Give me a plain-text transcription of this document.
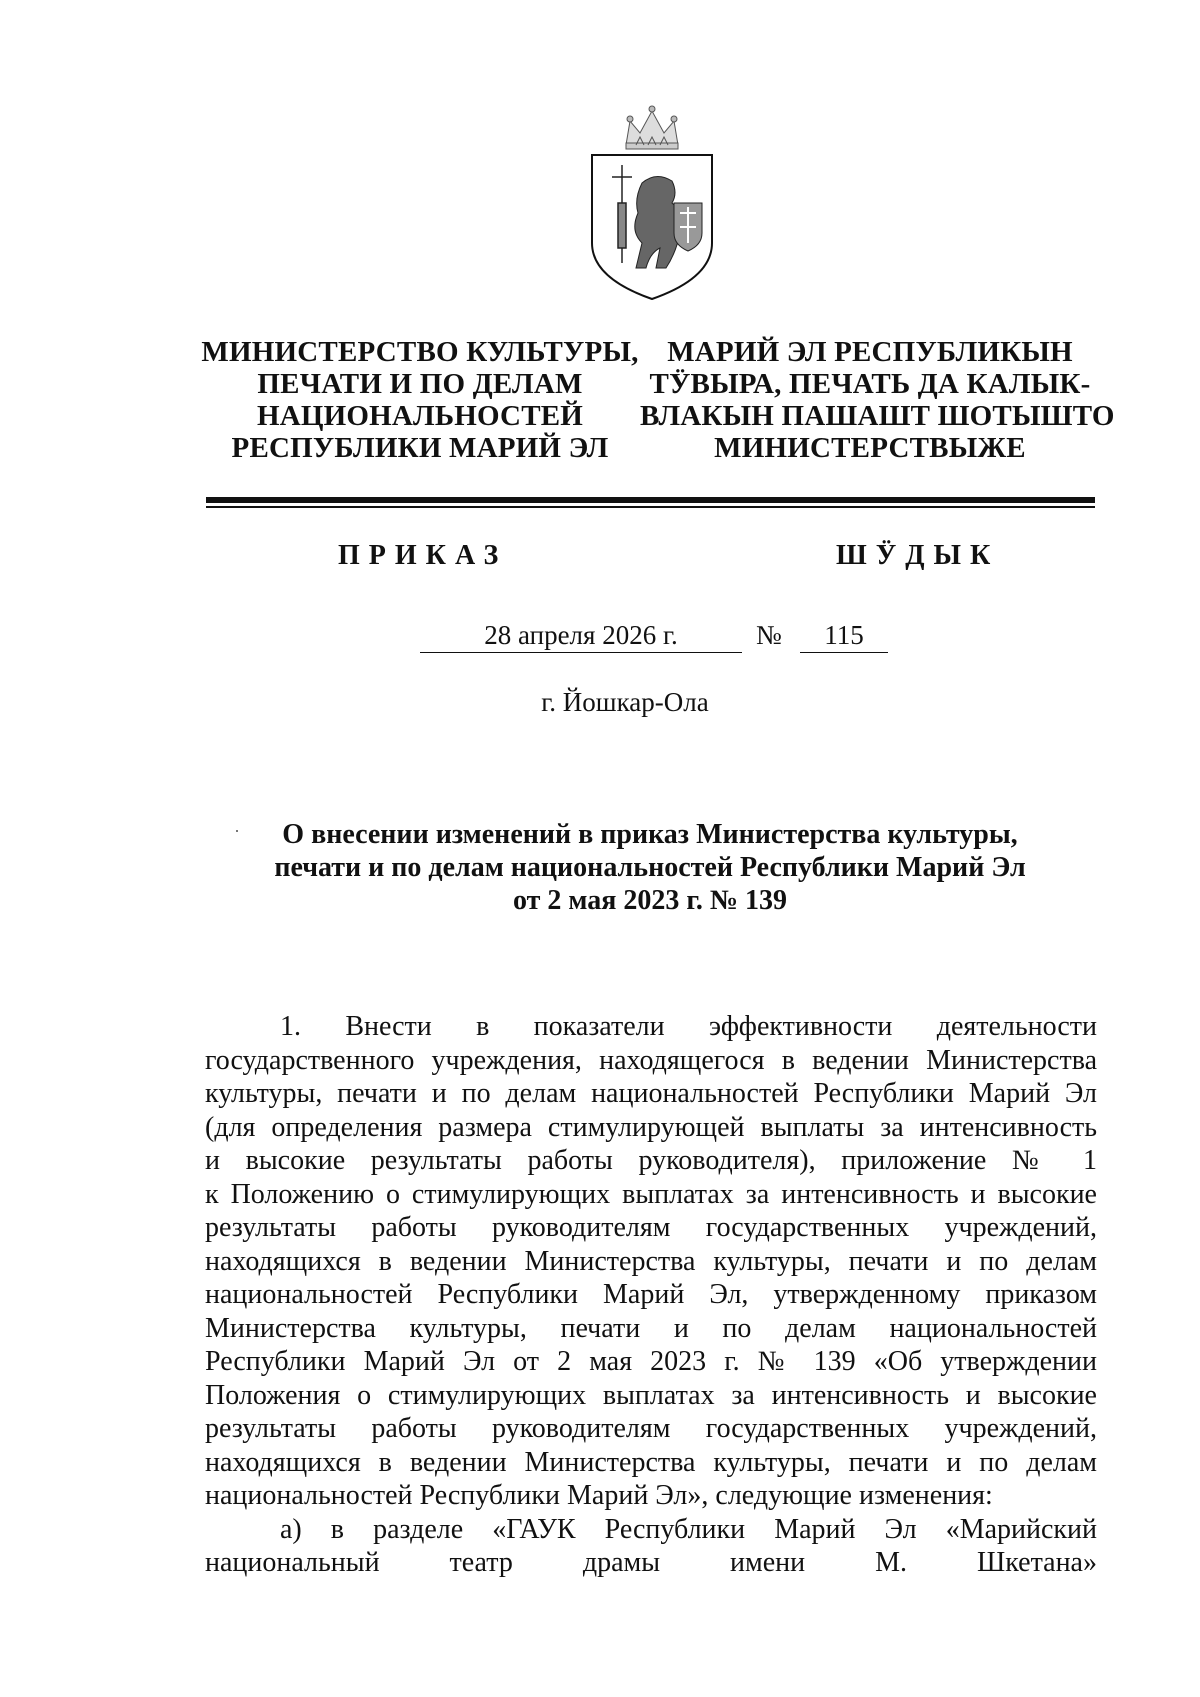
МИНИСТЕРСТВО КУЛЬТУРЫ,
ПЕЧАТИ И ПО ДЕЛАМ
НАЦИОНАЛЬНОСТЕЙ
РЕСПУБЛИКИ МАРИЙ ЭЛ
МАРИЙ ЭЛ РЕСПУБЛИКЫН
ТӰВЫРА, ПЕЧАТЬ ДА КАЛЫК-
ВЛАКЫН ПАШАШТ ШОТЫШТО
МИНИСТЕРСТВЫЖЕ
ПРИКАЗ	ШӰДЫК
28 апреля 2026 г.	№	115
г. Йошкар-Ола
О внесении изменений в приказ Министерства культуры,
печати и по делам национальностей Республики Марий Эл
от 2 мая 2023 г. № 139
1. Внести в показатели эффективности деятельности
государственного учреждения, находящегося в ведении Министерства
культуры, печати и по делам национальностей Республики Марий Эл
(для определения размера стимулирующей выплаты за интенсивность
и высокие результаты работы руководителя), приложение № 1
к Положению о стимулирующих выплатах за интенсивность и высокие
результаты работы руководителям государственных учреждений,
находящихся в ведении Министерства культуры, печати и по делам
национальностей Республики Марий Эл, утвержденному приказом
Министерства культуры, печати и по делам национальностей
Республики Марий Эл от 2 мая 2023 г. № 139 «Об утверждении
Положения о стимулирующих выплатах за интенсивность и высокие
результаты работы руководителям государственных учреждений,
находящихся в ведении Министерства культуры, печати и по делам
национальностей Республики Марий Эл», следующие изменения:
а) в разделе «ГАУК Республики Марий Эл «Марийский
национальный театр драмы имени М. Шкетана»
